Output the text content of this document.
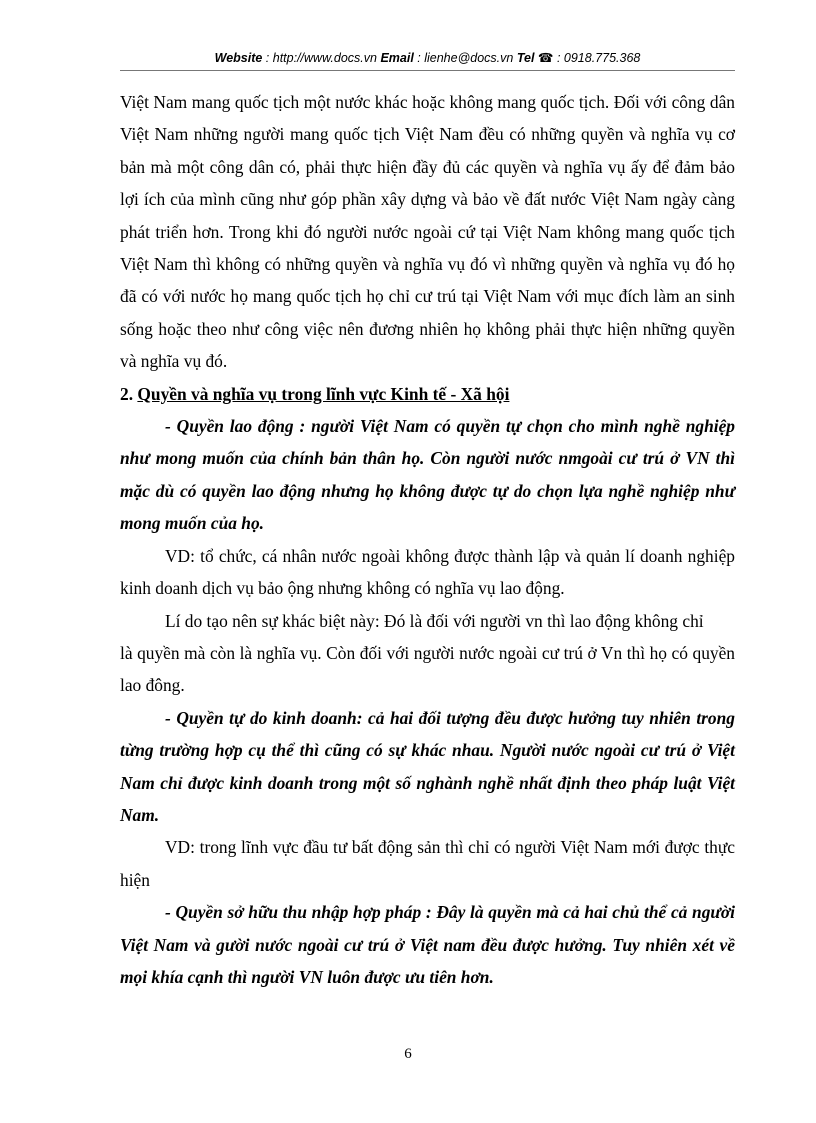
Website : http://www.docs.vn Email : lienhe@docs.vn Tel ☎ : 0918.775.368

Việt Nam mang quốc tịch một nước khác hoặc không mang quốc tịch. Đối với công dân Việt Nam những người mang quốc tịch Việt Nam đều có những quyền và nghĩa vụ cơ bản mà một công dân có, phải thực hiện đầy đủ các quyền và nghĩa vụ ấy để đảm bảo lợi ích của mình cũng như góp phần xây dựng và bảo về đất nước Việt Nam ngày càng phát triển hơn. Trong khi đó người nước ngoài cứ tại Việt Nam không mang quốc tịch Việt Nam thì không có những quyền và nghĩa vụ đó vì những quyền và nghĩa vụ đó họ đã có với nước họ mang quốc tịch họ chỉ cư trú tại Việt Nam với mục đích làm an sinh sống hoặc theo như công việc nên đương nhiên họ không phải thực hiện những quyền và nghĩa vụ đó.

2. Quyền và nghĩa vụ trong lĩnh vực Kinh tế - Xã hội

- Quyền lao động : người Việt Nam có quyền tự chọn cho mình nghề nghiệp như mong muốn của chính bản thân họ. Còn người nước nmgoài cư trú ở VN thì mặc dù có quyền lao động nhưng họ không được tự do chọn lựa nghề nghiệp như mong muốn của họ.

VD: tổ chức, cá nhân nước ngoài không được thành lập và quản lí doanh nghiệp kinh doanh dịch vụ bảo ộng nhưng không có nghĩa vụ lao động.

Lí do tạo nên sự khác biệt này: Đó là đối với người vn thì lao động không chỉ

là quyền mà còn là nghĩa vụ. Còn đối với người nước ngoài cư trú ở Vn thì họ có quyền lao đông.

- Quyền tự do kinh doanh: cả hai đối tượng đều được hưởng tuy nhiên trong từng trường hợp cụ thể thì cũng có sự khác nhau. Người nước ngoài cư trú ở Việt Nam chỉ được kinh doanh trong một số nghành nghề nhất định theo pháp luật Việt Nam.

VD: trong lĩnh vực đầu tư bất động sản thì chỉ có người Việt Nam mới được thực hiện

- Quyền sở hữu thu nhập hợp pháp : Đây là quyền mà cả hai chủ thể cả người Việt Nam và gười nước ngoài cư trú ở Việt nam đều được hưởng. Tuy nhiên xét về mọi khía cạnh thì người VN luôn được ưu tiên hơn.

6
